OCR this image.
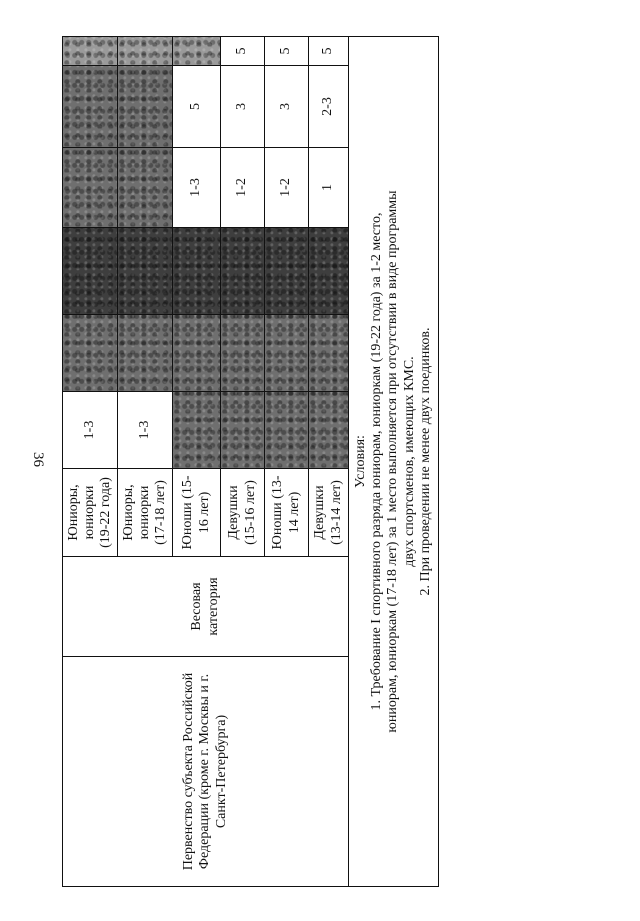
36
Первенство субъекта Российской Федерации (кроме г. Москвы и г. Санкт-Петербурга)	Весовая категория	Юниоры, юниорки (19-22 года)	1-3					
		Юниоры, юниорки (17-18 лет)	1-3					
		Юноши (15-16 лет)				1-3	5	
		Девушки (15-16 лет)				1-2	3	5
		Юноши (13-14 лет)				1-2	3	5
		Девушки (13-14 лет)				1	2-3	5

Условия: 1. Требование I спортивного разряда юниорам, юниоркам (19-22 года) за 1-2 место, юниорам, юниоркам (17-18 лет) за 1 место выполняется при отсутствии в виде программы двух спортсменов, имеющих КМС. 2. При проведении не менее двух поединков.								
